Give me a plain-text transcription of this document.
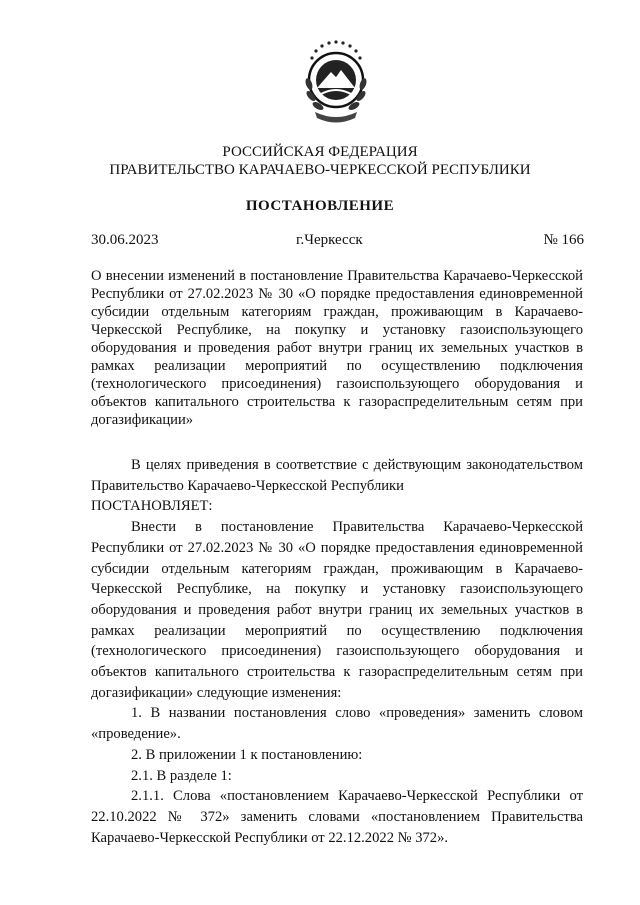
РОССИЙСКАЯ ФЕДЕРАЦИЯ
ПРАВИТЕЛЬСТВО КАРАЧАЕВО-ЧЕРКЕССКОЙ РЕСПУБЛИКИ
ПОСТАНОВЛЕНИЕ
30.06.2023	г.Черкесск	№ 166
О внесении изменений в постановление Правительства Карачаево-Черкесской Республики от 27.02.2023 № 30 «О порядке предоставления единовременной субсидии отдельным категориям граждан, проживающим в Карачаево-Черкесской Республике, на покупку и установку газоиспользующего оборудования и проведения работ внутри границ их земельных участков в рамках реализации мероприятий по осуществлению подключения (технологического присоединения) газоиспользующего оборудования и объектов капитального строительства к газораспределительным сетям при догазификации»

В целях приведения в соответствие с действующим законодательством Правительство Карачаево-Черкесской Республики

ПОСТАНОВЛЯЕТ:

Внести в постановление Правительства Карачаево-Черкесской Республики от 27.02.2023 № 30 «О порядке предоставления единовременной субсидии отдельным категориям граждан, проживающим в Карачаево-Черкесской Республике, на покупку и установку газоиспользующего оборудования и проведения работ внутри границ их земельных участков в рамках реализации мероприятий по осуществлению подключения (технологического присоединения) газоиспользующего оборудования и объектов капитального строительства к газораспределительным сетям при догазификации» следующие изменения:

1. В названии постановления слово «проведения» заменить словом «проведение».

2. В приложении 1 к постановлению:

2.1. В разделе 1:

2.1.1. Слова «постановлением Карачаево-Черкесской Республики от 22.10.2022 № 372» заменить словами «постановлением Правительства Карачаево-Черкесской Республики от 22.12.2022 № 372».
